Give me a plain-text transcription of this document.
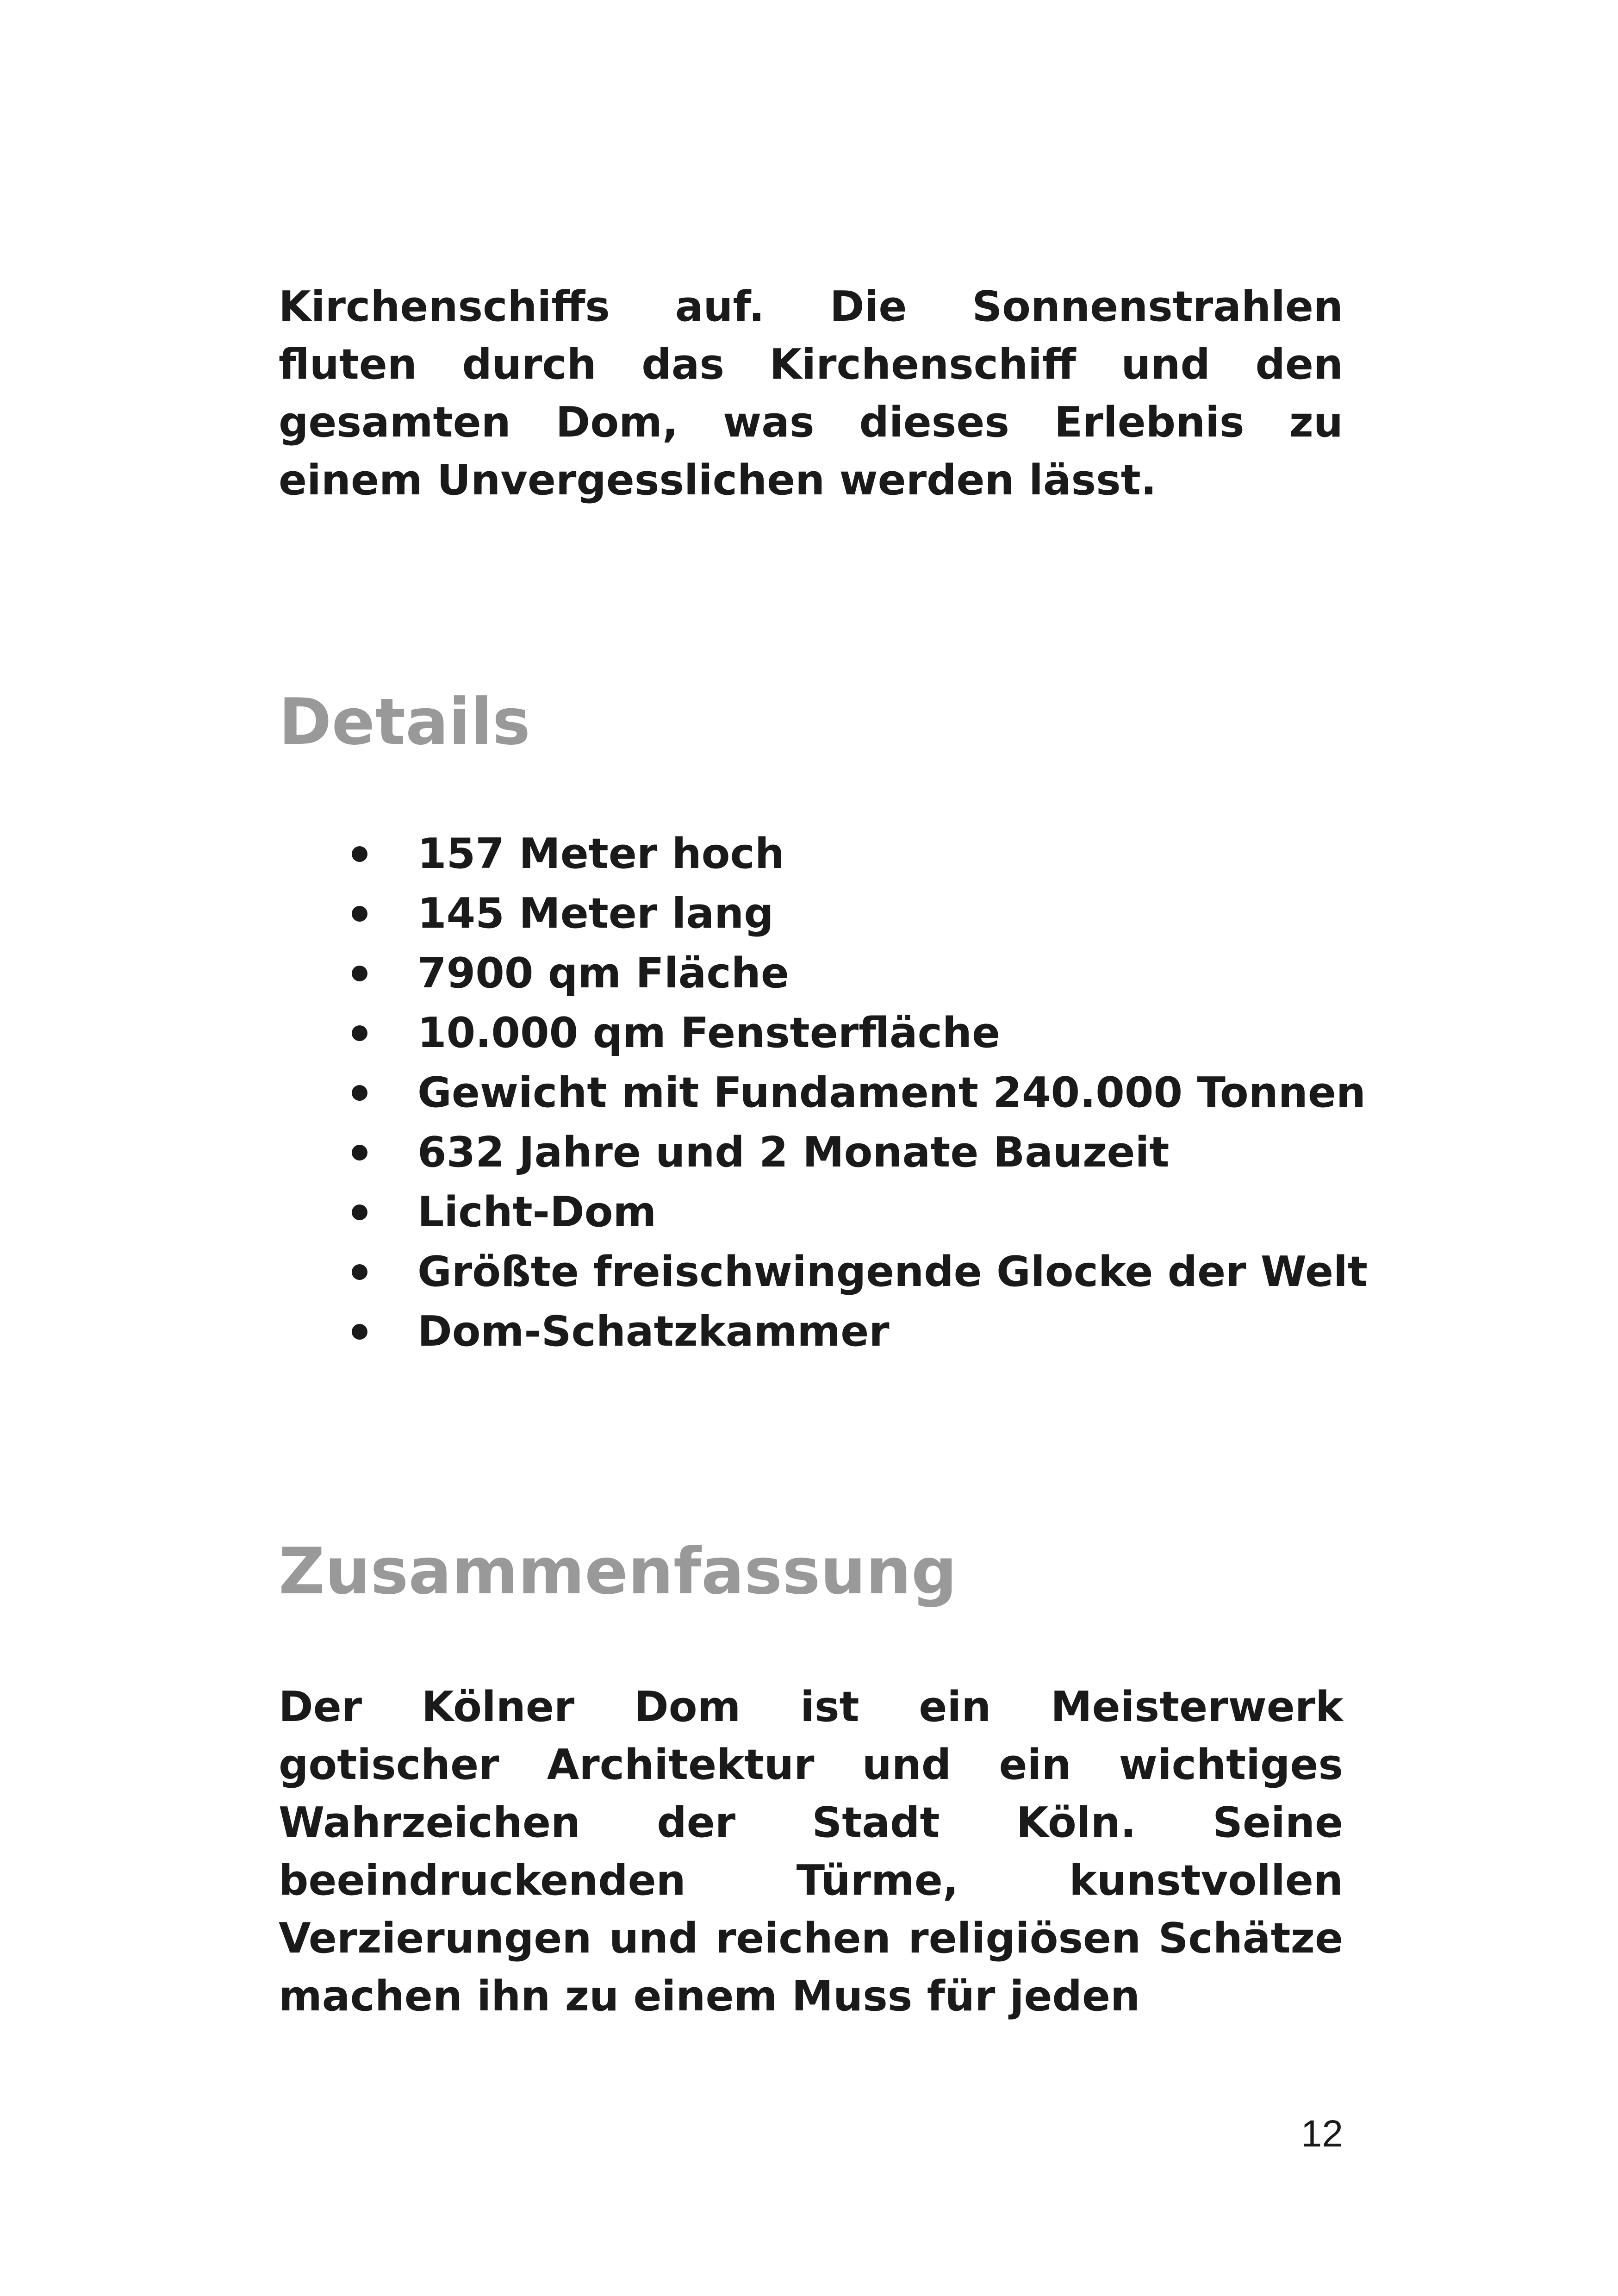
Kirchenschiffs auf. Die Sonnenstrahlen fluten durch das Kirchenschiff und den gesamten Dom, was dieses Erlebnis zu einem Unvergesslichen werden lässt.

Details
157 Meter hoch
145 Meter lang
7900 qm Fläche
10.000 qm Fensterfläche
Gewicht mit Fundament 240.000 Tonnen
632 Jahre und 2 Monate Bauzeit
Licht-Dom
Größte freischwingende Glocke der Welt
Dom-Schatzkammer
Zusammenfassung

Der Kölner Dom ist ein Meisterwerk gotischer Architektur und ein wichtiges Wahrzeichen der Stadt Köln. Seine beeindruckenden Türme, kunstvollen Verzierungen und reichen religiösen Schätze machen ihn zu einem Muss für jeden

12
